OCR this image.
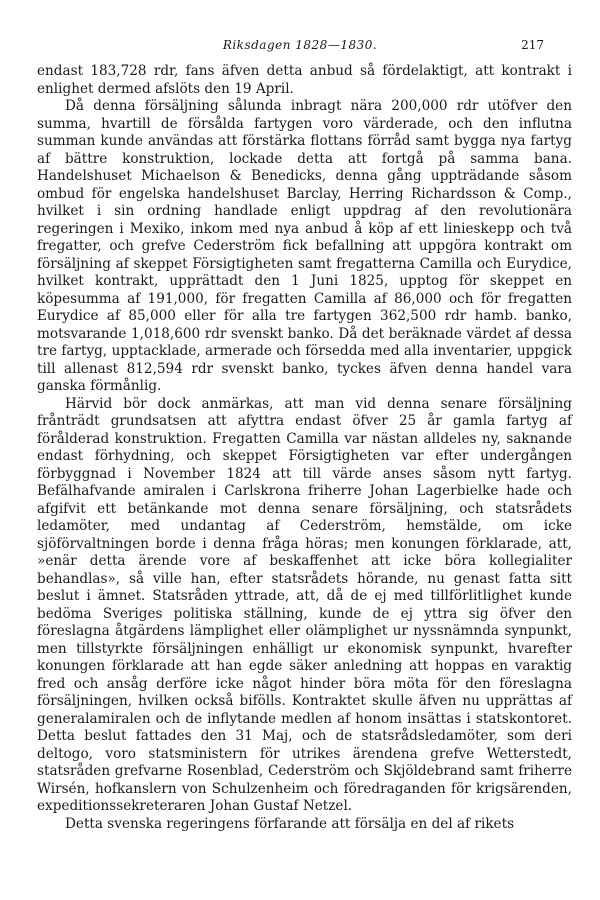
Riksdagen 1828—1830.	217

endast 183,728 rdr, fans äfven detta anbud så fördelaktigt, att kontrakt i enlighet dermed afslöts den 19 April.

Då denna försäljning sålunda inbragt nära 200,000 rdr utöfver den summa, hvartill de försålda fartygen voro värderade, och den influtna summan kunde användas att förstärka flottans förråd samt bygga nya fartyg af bättre konstruktion, lockade detta att fortgå på samma bana. Handelshuset Michaelson & Benedicks, denna gång uppträdande såsom ombud för engelska handelshuset Barclay, Herring Richardsson & Comp., hvilket i sin ordning handlade enligt uppdrag af den revolutionära regeringen i Mexiko, inkom med nya anbud å köp af ett linieskepp och två fregatter, och grefve Cederström fick befallning att uppgöra kontrakt om försäljning af skeppet Försigtigheten samt fregatterna Camilla och Eurydice, hvilket kontrakt, upprättadt den 1 Juni 1825, upptog för skeppet en köpesumma af 191,000, för fregatten Camilla af 86,000 och för fregatten Eurydice af 85,000 eller för alla tre fartygen 362,500 rdr hamb. banko, motsvarande 1,018,600 rdr svenskt banko. Då det beräknade värdet af dessa tre fartyg, upptacklade, armerade och försedda med alla inventarier, uppgick till allenast 812,594 rdr svenskt banko, tyckes äfven denna handel vara ganska förmånlig.

Härvid bör dock anmärkas, att man vid denna senare försäljning frånträdt grundsatsen att afyttra endast öfver 25 år gamla fartyg af förålderad konstruktion. Fregatten Camilla var nästan alldeles ny, saknande endast förhydning, och skeppet Försigtigheten var efter undergången förbyggnad i November 1824 att till värde anses såsom nytt fartyg. Befälhafvande amiralen i Carlskrona friherre Johan Lagerbielke hade och afgifvit ett betänkande mot denna senare försäljning, och statsrådets ledamöter, med undantag af Cederström, hemstälde, om icke sjöförvaltningen borde i denna fråga höras; men konungen förklarade, att, »enär detta ärende vore af beskaffenhet att icke böra kollegialiter behandlas», så ville han, efter statsrådets hörande, nu genast fatta sitt beslut i ämnet. Statsråden yttrade, att, då de ej med tillförlitlighet kunde bedöma Sveriges politiska ställning, kunde de ej yttra sig öfver den föreslagna åtgärdens lämplighet eller olämplighet ur nyssnämnda synpunkt, men tillstyrkte försäljningen enhälligt ur ekonomisk synpunkt, hvarefter konungen förklarade att han egde säker anledning att hoppas en varaktig fred och ansåg derföre icke något hinder böra möta för den föreslagna försäljningen, hvilken också bifölls. Kontraktet skulle äfven nu upprättas af generalamiralen och de inflytande medlen af honom insättas i statskontoret. Detta beslut fattades den 31 Maj, och de statsrådsledamöter, som deri deltogo, voro statsministern för utrikes ärendena grefve Wetterstedt, statsråden grefvarne Rosenblad, Cederström och Skjöldebrand samt friherre Wirsén, hofkanslern von Schulzenheim och föredraganden för krigsärenden, expeditionssekreteraren Johan Gustaf Netzel.

Detta svenska regeringens förfarande att försälja en del af rikets
